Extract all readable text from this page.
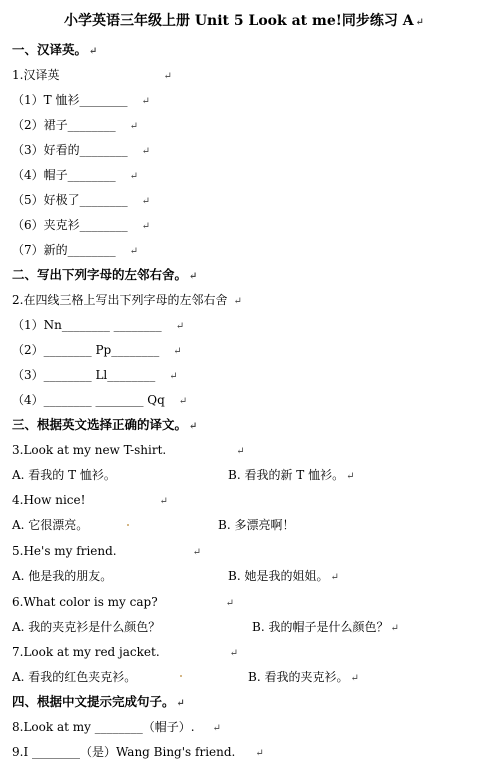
小学英语三年级上册 Unit 5 Look at me!同步练习 A ↵
一、汉译英。 ↵
1.汉译英	↵
（1）T 恤衫________ ↵
（2）裙子________ ↵
（3）好看的________ ↵
（4）帽子________ ↵
（5）好极了________ ↵
（6）夹克衫________ ↵
（7）新的________ ↵
二、写出下列字母的左邻右舍。 ↵
2.在四线三格上写出下列字母的左邻右舍 ↵
（1）Nn________ ________ ↵
（2）________ Pp________ ↵
（3）________ Ll________ ↵
（4）________ ________ Qq ↵
三、根据英文选择正确的译文。 ↵
3.Look at my new T-shirt.	↵
A. 看我的 T 恤衫。	B. 看我的新 T 恤衫。 ↵
4.How nice!	↵
A. 它很漂亮。	B. 多漂亮啊！
5.He's my friend.	↵
A. 他是我的朋友。	B. 她是我的姐姐。 ↵
6.What color is my cap?	↵
A. 我的夹克衫是什么颜色？	B. 我的帽子是什么颜色？ ↵
7.Look at my red jacket.	↵
A. 看我的红色夹克衫。	B. 看我的夹克衫。 ↵
四、根据中文提示完成句子。 ↵
8.Look at my ________（帽子）. ↵
9.I ________（是）Wang Bing's friend. ↵
